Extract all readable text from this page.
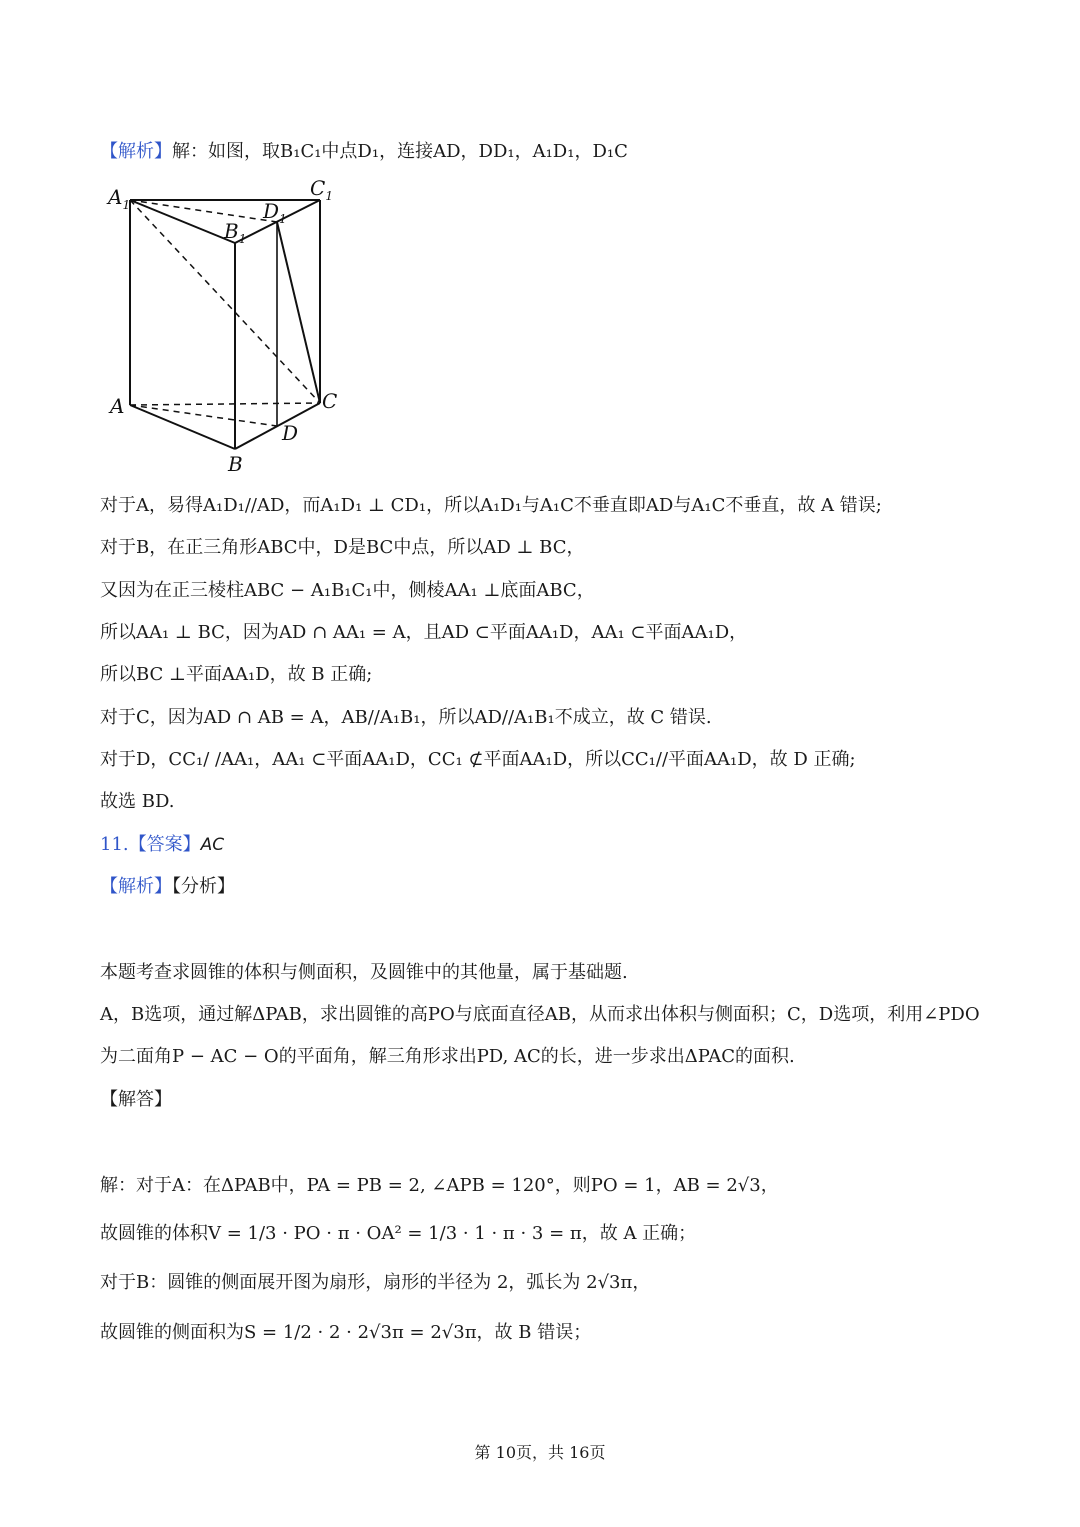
【解析】解：如图，取B₁C₁中点D₁，连接AD，DD₁，A₁D₁，D₁C
$A_1$
$C_1$
$D_1$
$B_1$
A	C
D
B
对于A，易得A₁D₁//AD，而A₁D₁ ⊥ CD₁，所以A₁D₁与A₁C不垂直即AD与A₁C不垂直，故 A 错误;
对于B，在正三角形ABC中，D是BC中点，所以AD ⊥ BC，
又因为在正三棱柱ABC − A₁B₁C₁中，侧棱AA₁ ⊥底面ABC，
所以AA₁ ⊥ BC，因为AD ∩ AA₁ = A，且AD ⊂平面AA₁D，AA₁ ⊂平面AA₁D，
所以BC ⊥平面AA₁D，故 B 正确;
对于C，因为AD ∩ AB = A，AB//A₁B₁，所以AD//A₁B₁不成立，故 C 错误.
对于D，CC₁/ /AA₁，AA₁ ⊂平面AA₁D，CC₁ ⊄平面AA₁D，所以CC₁//平面AA₁D，故 D 正确;
故选 BD.
11.【答案】AC
【解析】【分析】
本题考查求圆锥的体积与侧面积，及圆锥中的其他量，属于基础题.
A，B选项，通过解ΔPAB，求出圆锥的高PO与底面直径AB，从而求出体积与侧面积；C，D选项，利用∠PDO
为二面角P − AC − O的平面角，解三角形求出PD, AC的长，进一步求出ΔPAC的面积.
【解答】
解：对于A：在ΔPAB中，PA = PB = 2, ∠APB = 120°，则PO = 1，AB = 2√3，
故圆锥的体积V = 1/3 · PO · π · OA² = 1/3 · 1 · π · 3 = π，故 A 正确；
对于B：圆锥的侧面展开图为扇形，扇形的半径为 2，弧长为 2√3π，
故圆锥的侧面积为S = 1/2 · 2 · 2√3π = 2√3π，故 B 错误；
第 10页，共 16页
